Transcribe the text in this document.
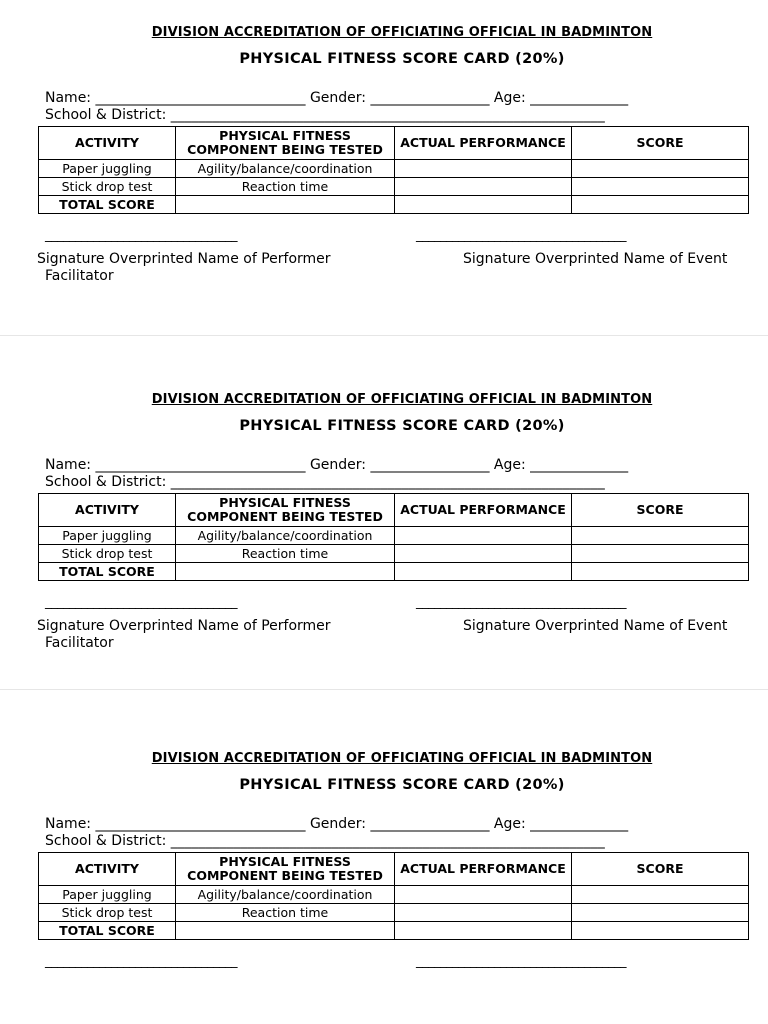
DIVISION ACCREDITATION OF OFFICIATING OFFICIAL IN BADMINTON
PHYSICAL FITNESS SCORE CARD (20%)
Name: ______________________________ Gender: _________________ Age: ______________
School & District: ______________________________________________________________
ACTIVITY	PHYSICAL FITNESS COMPONENT BEING TESTED	ACTUAL PERFORMANCE	SCORE
Paper juggling	Agility/balance/coordination		
Stick drop test	Reaction time		
TOTAL SCORE			
________________________________	___________________________________
Signature Overprinted Name of Performer	Signature Overprinted Name of Event
Facilitator
DIVISION ACCREDITATION OF OFFICIATING OFFICIAL IN BADMINTON
PHYSICAL FITNESS SCORE CARD (20%)
Name: ______________________________ Gender: _________________ Age: ______________
School & District: ______________________________________________________________
ACTIVITY	PHYSICAL FITNESS COMPONENT BEING TESTED	ACTUAL PERFORMANCE	SCORE
Paper juggling	Agility/balance/coordination		
Stick drop test	Reaction time		
TOTAL SCORE			
________________________________	___________________________________
Signature Overprinted Name of Performer	Signature Overprinted Name of Event
Facilitator
DIVISION ACCREDITATION OF OFFICIATING OFFICIAL IN BADMINTON
PHYSICAL FITNESS SCORE CARD (20%)
Name: ______________________________ Gender: _________________ Age: ______________
School & District: ______________________________________________________________
ACTIVITY	PHYSICAL FITNESS COMPONENT BEING TESTED	ACTUAL PERFORMANCE	SCORE
Paper juggling	Agility/balance/coordination		
Stick drop test	Reaction time		
TOTAL SCORE			
________________________________	___________________________________
